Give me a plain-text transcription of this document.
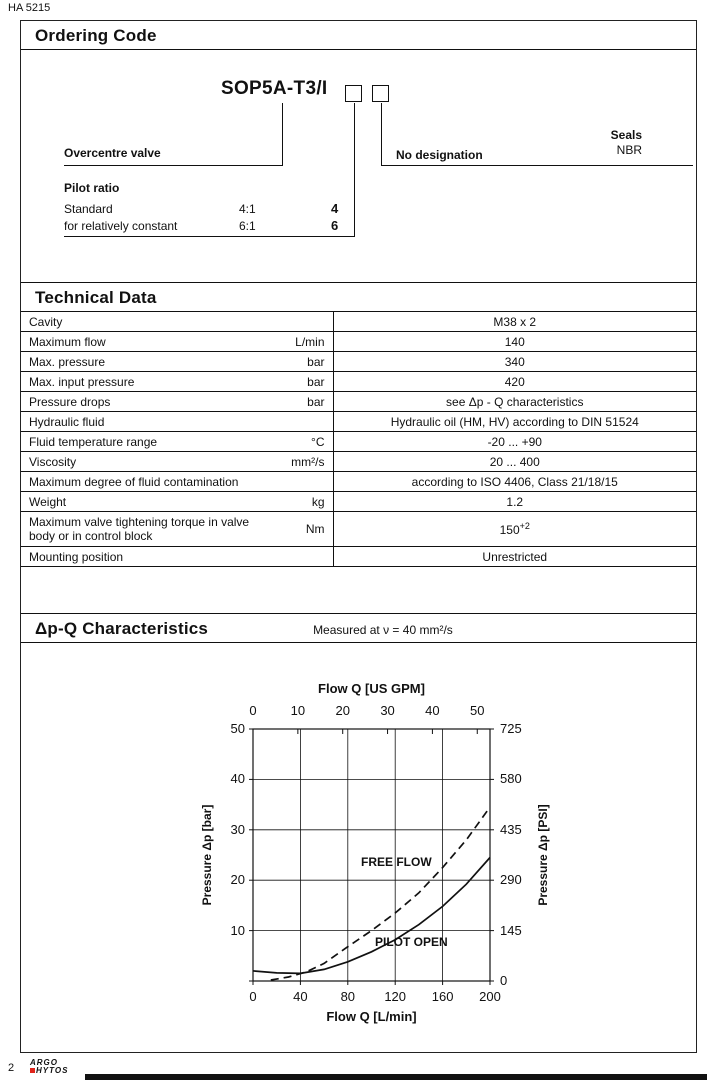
HA 5215
Ordering Code
SOP5A-T3/I
Overcentre valve	No designation
Seals
NBR
Pilot ratio
Standard	4:1	4
for relatively constant	6:1	6
Technical Data
Cavity	M38 x 2

Maximum flow L/min	140

Max. pressure bar	340

Max. input pressure bar	420

Pressure drops bar	see Δp - Q characteristics

Hydraulic fluid	Hydraulic oil (HM, HV) according to DIN 51524

Fluid temperature range °C	-20 ... +90

Viscosity mm²/s	20 ... 400

Maximum degree of fluid contamination	according to ISO 4406, Class 21/18/15

Weight kg	1.2

Maximum valve tightening torque in valve body or in control block Nm	$150^{+2}$

Mounting position	Unrestricted
Δp-Q Characteristics	Measured at ν = 40 mm²/s
Flow Q [US GPM]
Flow Q [L/min]
Pressure Δp [bar]	Pressure Δp [PSI]
FREE FLOW
PILOT OPEN
0	40	80	120	160	200
0	10	20	30	40	50
10
20
30
40
50
0
145
290
435
580
725
2 ARGO
HYTOS
